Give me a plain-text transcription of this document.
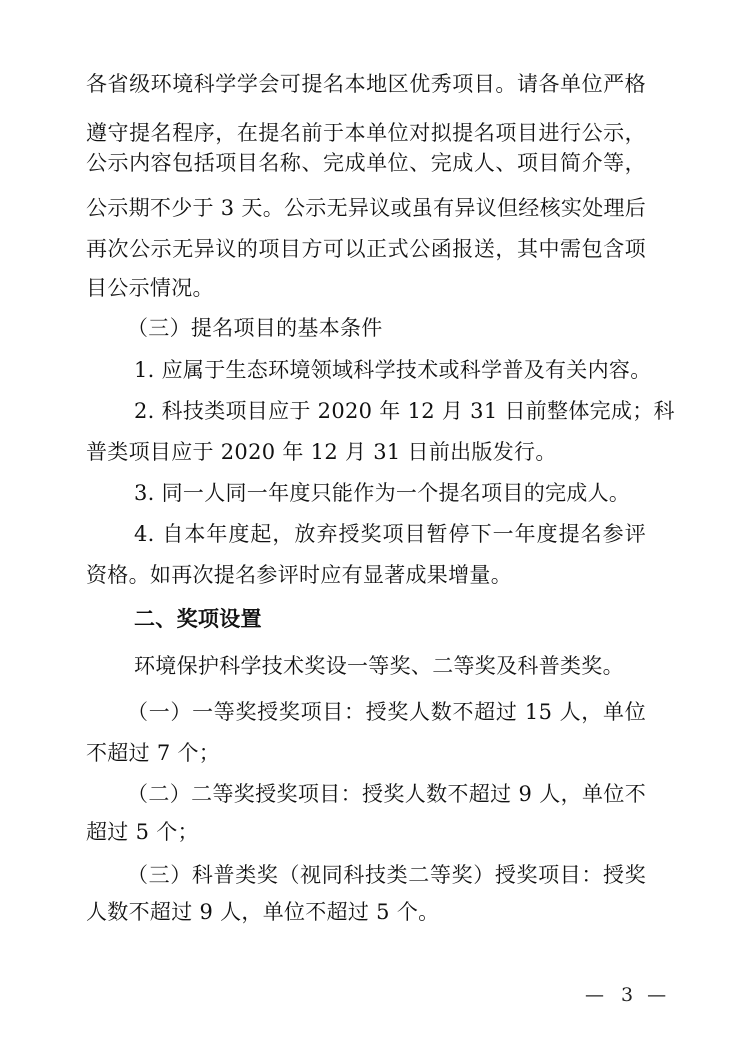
各省级环境科学学会可提名本地区优秀项目。请各单位严格
遵守提名程序，在提名前于本单位对拟提名项目进行公示，
公示内容包括项目名称、完成单位、完成人、项目简介等，
公示期不少于 3 天。公示无异议或虽有异议但经核实处理后
再次公示无异议的项目方可以正式公函报送，其中需包含项
目公示情况。
（三）提名项目的基本条件
1. 应属于生态环境领域科学技术或科学普及有关内容。
2. 科技类项目应于 2020 年 12 月 31 日前整体完成；科
普类项目应于 2020 年 12 月 31 日前出版发行。
3. 同一人同一年度只能作为一个提名项目的完成人。
4. 自本年度起，放弃授奖项目暂停下一年度提名参评
资格。如再次提名参评时应有显著成果增量。
二、奖项设置
环境保护科学技术奖设一等奖、二等奖及科普类奖。
（一）一等奖授奖项目：授奖人数不超过 15 人，单位
不超过 7 个；
（二）二等奖授奖项目：授奖人数不超过 9 人，单位不
超过 5 个；
（三）科普类奖（视同科技类二等奖）授奖项目：授奖
人数不超过 9 人，单位不超过 5 个。
— 3 —
